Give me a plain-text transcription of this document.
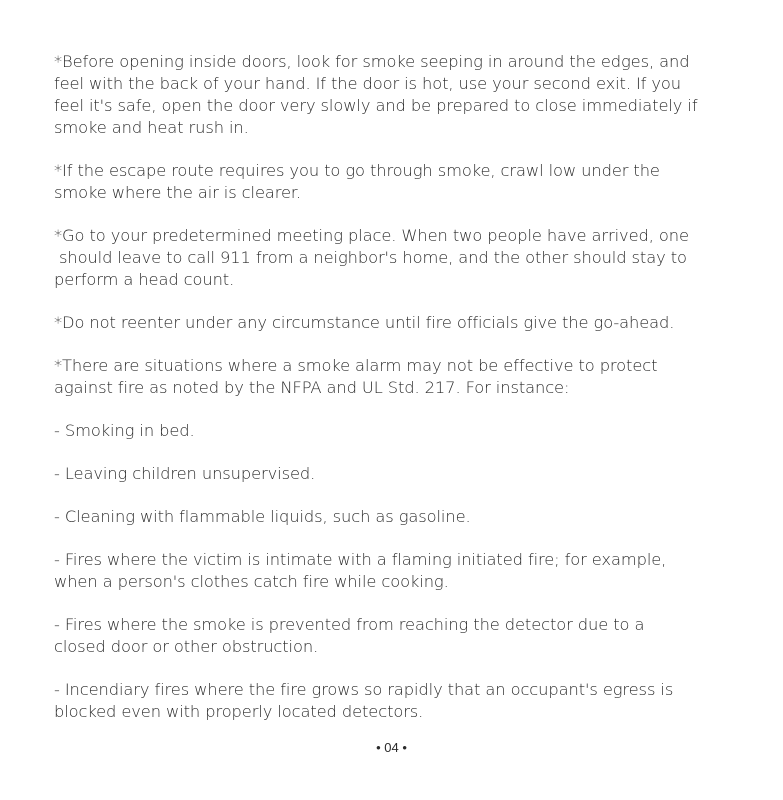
*Before opening inside doors, look for smoke seeping in around the edges, and
feel with the back of your hand. If the door is hot, use your second exit. If you
feel it's safe, open the door very slowly and be prepared to close immediately if
smoke and heat rush in.

*If the escape route requires you to go through smoke, crawl low under the
smoke where the air is clearer.

*Go to your predetermined meeting place. When two people have arrived, one
should leave to call 911 from a neighbor's home, and the other should stay to
perform a head count.

*Do not reenter under any circumstance until fire officials give the go-ahead.

*There are situations where a smoke alarm may not be effective to protect
against fire as noted by the NFPA and UL Std. 217. For instance:

- Smoking in bed.

- Leaving children unsupervised.

- Cleaning with flammable liquids, such as gasoline.

- Fires where the victim is intimate with a flaming initiated fire; for example,
when a person's clothes catch fire while cooking.

- Fires where the smoke is prevented from reaching the detector due to a
closed door or other obstruction.

- Incendiary fires where the fire grows so rapidly that an occupant's egress is
blocked even with properly located detectors.

• 04 •
